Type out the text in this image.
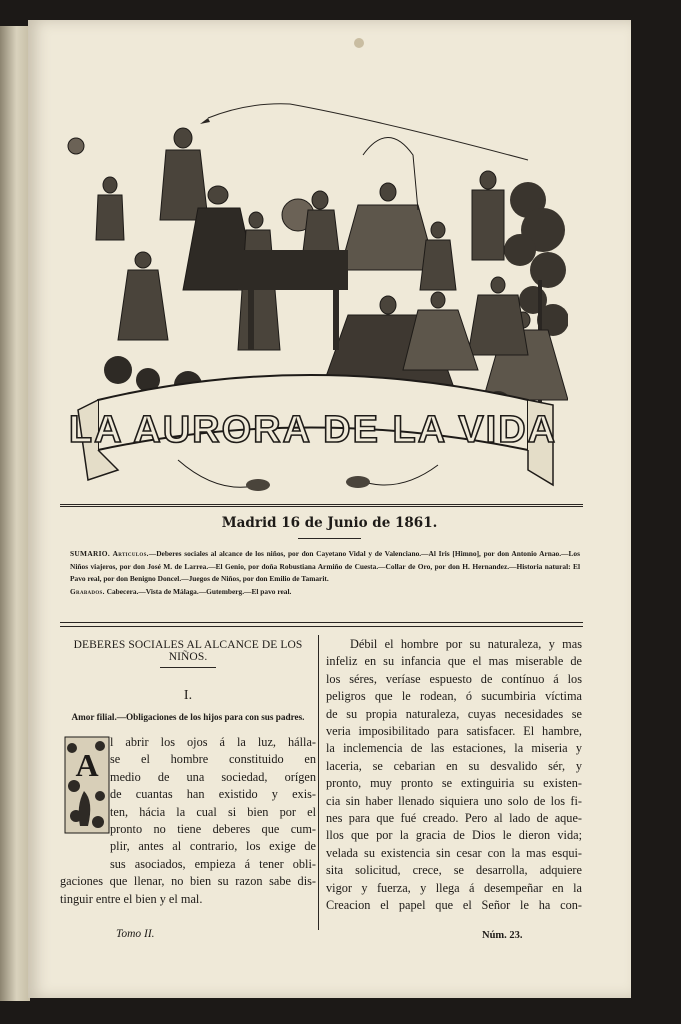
LA AURORA DE LA VIDA
Madrid 16 de Junio de 1861.

SUMARIO. Articulos.—Deberes sociales al alcance de los niños, por don Cayetano Vidal y de Valenciano.—Al Iris [Himno], por don Antonio Arnao.—Los Niños viajeros, por don José M. de Larrea.—El Genio, por doña Robustiana Armiño de Cuesta.—Collar de Oro, por don H. Hernandez.—Historia natural: El Pavo real, por don Benigno Doncel.—Juegos de Niños, por don Emilio de Tamarit.

Grabados. Cabecera.—Vista de Málaga.—Gutemberg.—El pavo real.

DEBERES SOCIALES AL ALCANCE DE LOS NIÑOS.
I.
Amor filial.—Obligaciones de los hijos para con sus padres.
A
l abrir los ojos á la luz, hálla-
se el hombre constituido en
medio de una sociedad, orígen
de cuantas han existido y exis-
ten, hácia la cual si bien por el
pronto no tiene deberes que cum-
plir, antes al contrario, los exige de
sus asociados, empieza á tener obli-
gaciones que llenar, no bien su razon sabe dis-
tinguir entre el bien y el mal.
Débil el hombre por su naturaleza, y mas
infeliz en su infancia que el mas miserable de
los séres, veríase espuesto de contínuo á los
peligros que le rodean, ó sucumbiria víctima
de su propia naturaleza, cuyas necesidades se
veria imposibilitado para satisfacer. El hambre,
la inclemencia de las estaciones, la miseria y
laceria, se cebarian en su desvalido sér, y
pronto, muy pronto se extinguiria su existen-
cia sin haber llenado siquiera uno solo de los fi-
nes para que fué creado. Pero al lado de aque-
llos que por la gracia de Dios le dieron vida;
velada su existencia sin cesar con la mas esqui-
sita solicitud, crece, se desarrolla, adquiere
vigor y fuerza, y llega á desempeñar en la
Creacion el papel que el Señor le ha con-
Tomo II.	Núm. 23.
